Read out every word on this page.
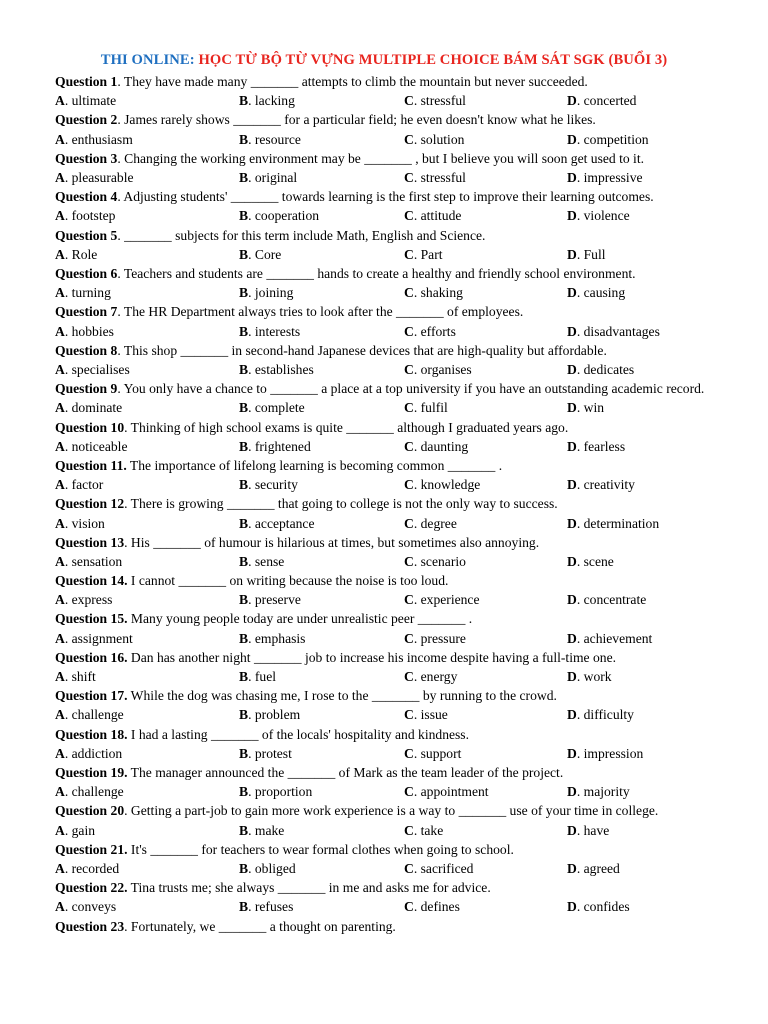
THI ONLINE: HỌC TỪ BỘ TỪ VỰNG MULTIPLE CHOICE BÁM SÁT SGK (BUỔI 3)
Question 1. They have made many _______ attempts to climb the mountain but never succeeded.
A. ultimate	B. lacking	C. stressful	D. concerted
Question 2. James rarely shows _______ for a particular field; he even doesn't know what he likes.
A. enthusiasm	B. resource	C. solution	D. competition
Question 3. Changing the working environment may be _______ , but I believe you will soon get used to it.
A. pleasurable	B. original	C. stressful	D. impressive
Question 4. Adjusting students' _______ towards learning is the first step to improve their learning outcomes.
A. footstep	B. cooperation	C. attitude	D. violence
Question 5. _______ subjects for this term include Math, English and Science.
A. Role	B. Core	C. Part	D. Full
Question 6. Teachers and students are _______ hands to create a healthy and friendly school environment.
A. turning	B. joining	C. shaking	D. causing
Question 7. The HR Department always tries to look after the _______ of employees.
A. hobbies	B. interests	C. efforts	D. disadvantages
Question 8. This shop _______ in second-hand Japanese devices that are high-quality but affordable.
A. specialises	B. establishes	C. organises	D. dedicates
Question 9. You only have a chance to _______ a place at a top university if you have an outstanding academic record.
A. dominate	B. complete	C. fulfil	D. win
Question 10. Thinking of high school exams is quite _______ although I graduated years ago.
A. noticeable	B. frightened	C. daunting	D. fearless
Question 11. The importance of lifelong learning is becoming common _______ .
A. factor	B. security	C. knowledge	D. creativity
Question 12. There is growing _______ that going to college is not the only way to success.
A. vision	B. acceptance	C. degree	D. determination
Question 13. His _______ of humour is hilarious at times, but sometimes also annoying.
A. sensation	B. sense	C. scenario	D. scene
Question 14. I cannot _______ on writing because the noise is too loud.
A. express	B. preserve	C. experience	D. concentrate
Question 15. Many young people today are under unrealistic peer _______ .
A. assignment	B. emphasis	C. pressure	D. achievement
Question 16. Dan has another night _______ job to increase his income despite having a full-time one.
A. shift	B. fuel	C. energy	D. work
Question 17. While the dog was chasing me, I rose to the _______ by running to the crowd.
A. challenge	B. problem	C. issue	D. difficulty
Question 18. I had a lasting _______ of the locals' hospitality and kindness.
A. addiction	B. protest	C. support	D. impression
Question 19. The manager announced the _______ of Mark as the team leader of the project.
A. challenge	B. proportion	C. appointment	D. majority
Question 20. Getting a part-job to gain more work experience is a way to _______ use of your time in college.
A. gain	B. make	C. take	D. have
Question 21. It's _______ for teachers to wear formal clothes when going to school.
A. recorded	B. obliged	C. sacrificed	D. agreed
Question 22. Tina trusts me; she always _______ in me and asks me for advice.
A. conveys	B. refuses	C. defines	D. confides
Question 23. Fortunately, we _______ a thought on parenting.
